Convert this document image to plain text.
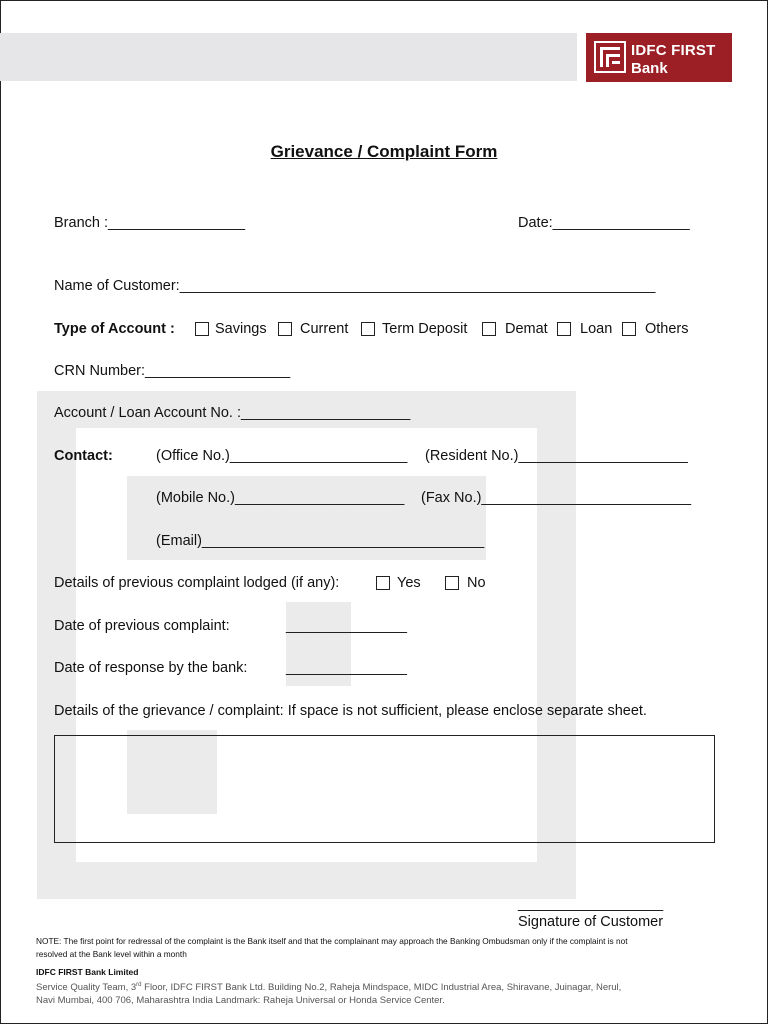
IDFC FIRST
Bank
Grievance / Complaint Form
Branch :_________________	Date:_________________
Name of Customer:___________________________________________________________
Type of Account :	Savings Current Term Deposit	Demat Loan Others
CRN Number:__________________
Account / Loan Account No. :_____________________
Contact:	(Office No.)______________________ (Resident No.)_____________________
(Mobile No.)_____________________ (Fax No.)__________________________
(Email)___________________________________
Details of previous complaint lodged (if any):	Yes	No
Date of previous complaint:	_______________
Date of response by the bank:	_______________
Details of the grievance / complaint: If space is not sufficient, please enclose separate sheet.
__________________
Signature of Customer
NOTE: The first point for redressal of the complaint is the Bank itself and that the complainant may approach the Banking Ombudsman only if the complaint is not
resolved at the Bank level within a month
IDFC FIRST Bank Limited
Service Quality Team, 3rd Floor, IDFC FIRST Bank Ltd. Building No.2, Raheja Mindspace, MIDC Industrial Area, Shiravane, Juinagar, Nerul,
Navi Mumbai, 400 706, Maharashtra India Landmark: Raheja Universal or Honda Service Center.
